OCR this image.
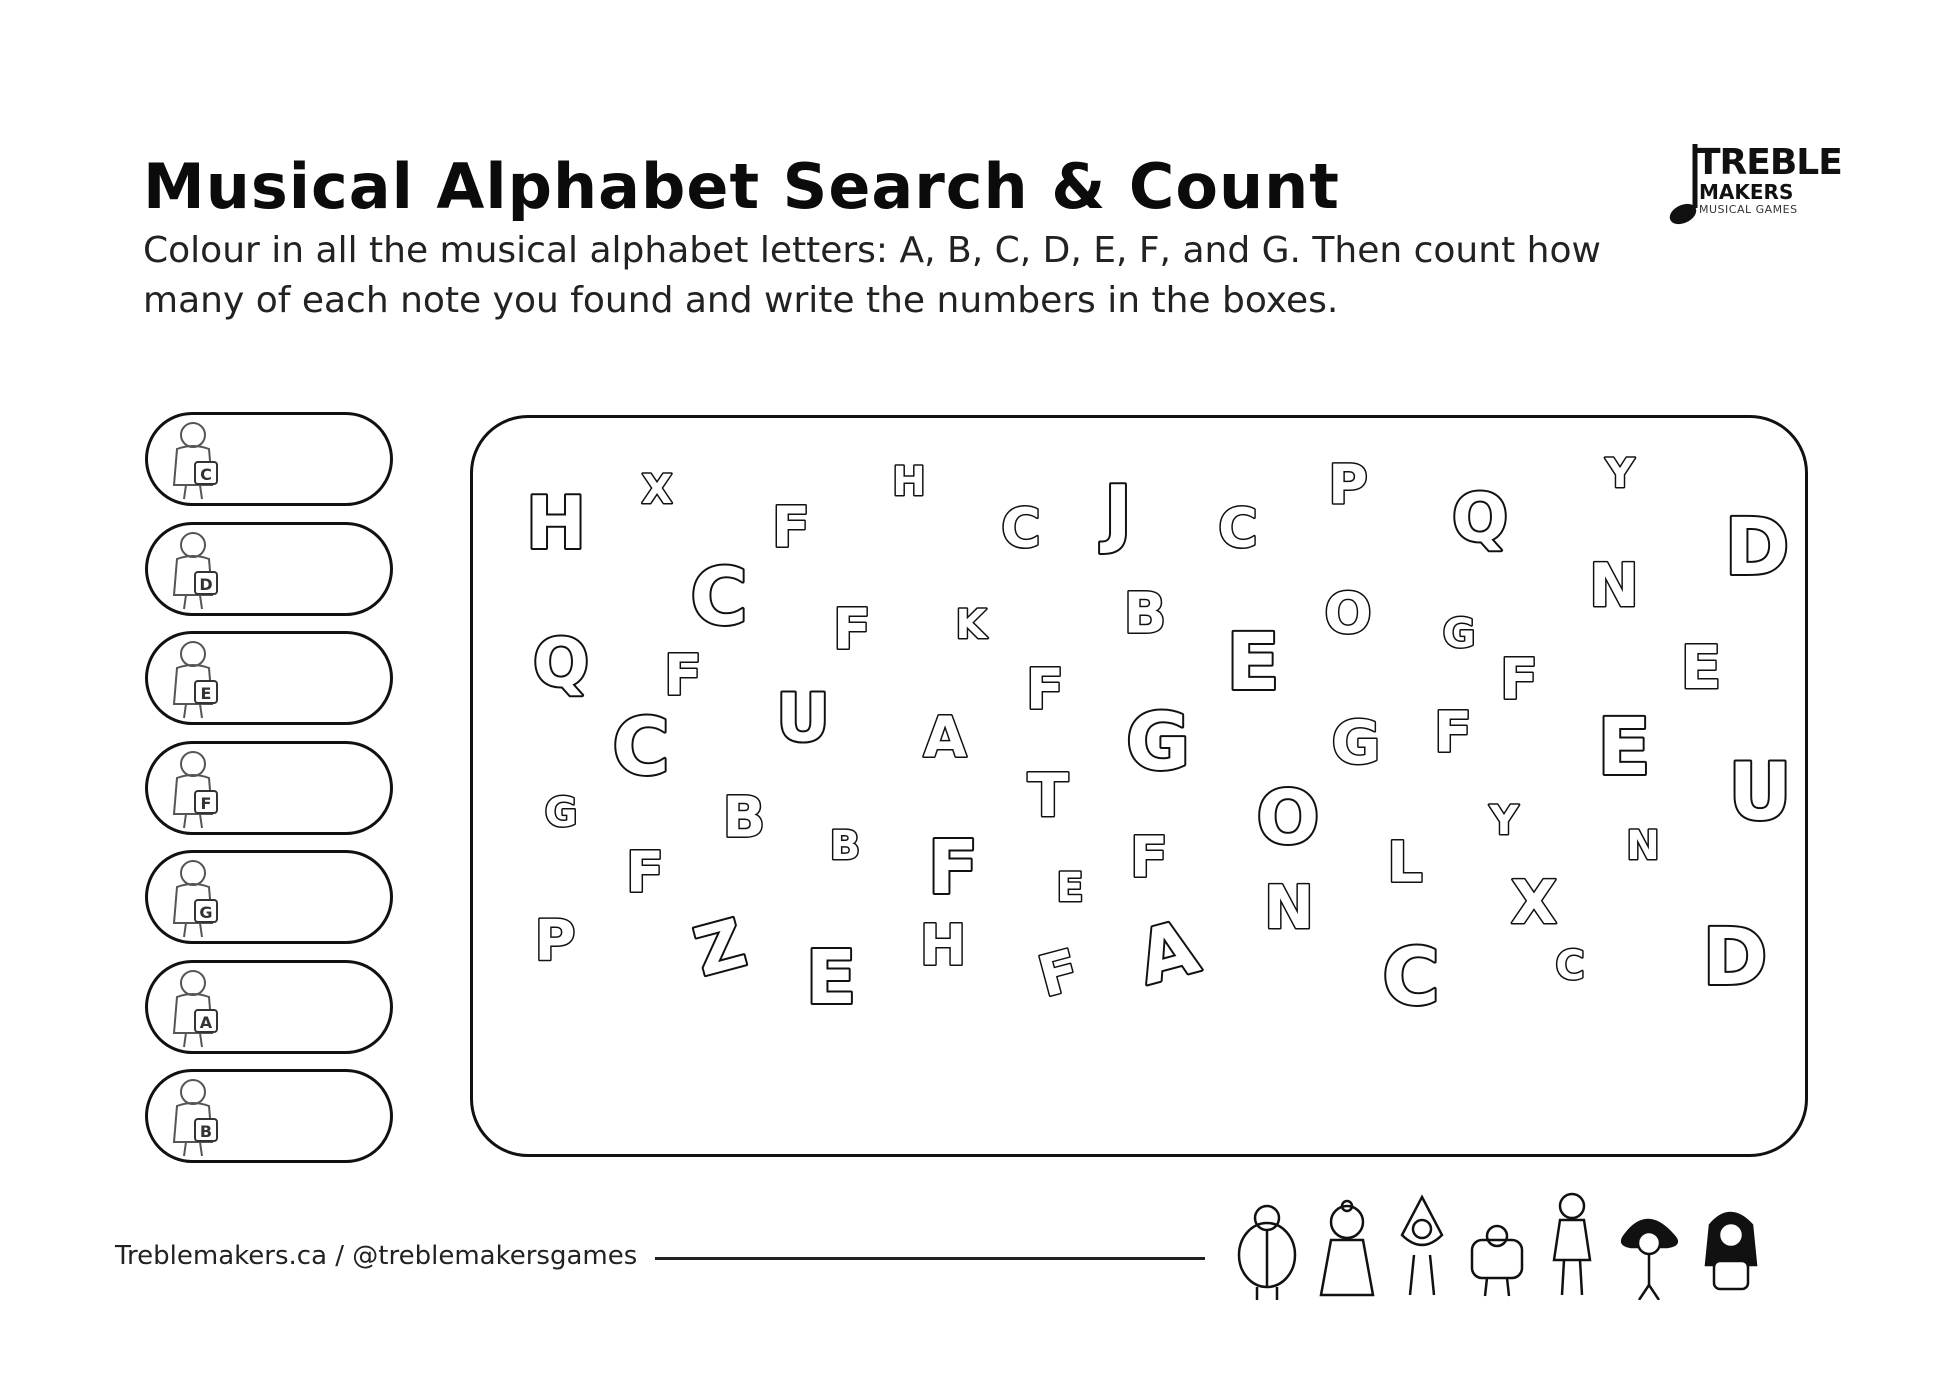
Musical Alphabet Search & Count

Colour in all the musical alphabet letters: A, B, C, D, E, F, and G. Then count how many of each note you found and write the numbers in the boxes.

TREBLE
MAKERS
MUSICAL GAMES
C
D
E
F
G
A
B
H X
F
H
C J C
P Q
Y
D
C F K B	O	N
Q F	E	G
F E
U	F
C	A G G F E U
T
G	B B	O	Y
N
F
F	F	L
E	N	X
P Z	H
E	F A C	C D
Treblemakers.ca / @treblemakersgames
